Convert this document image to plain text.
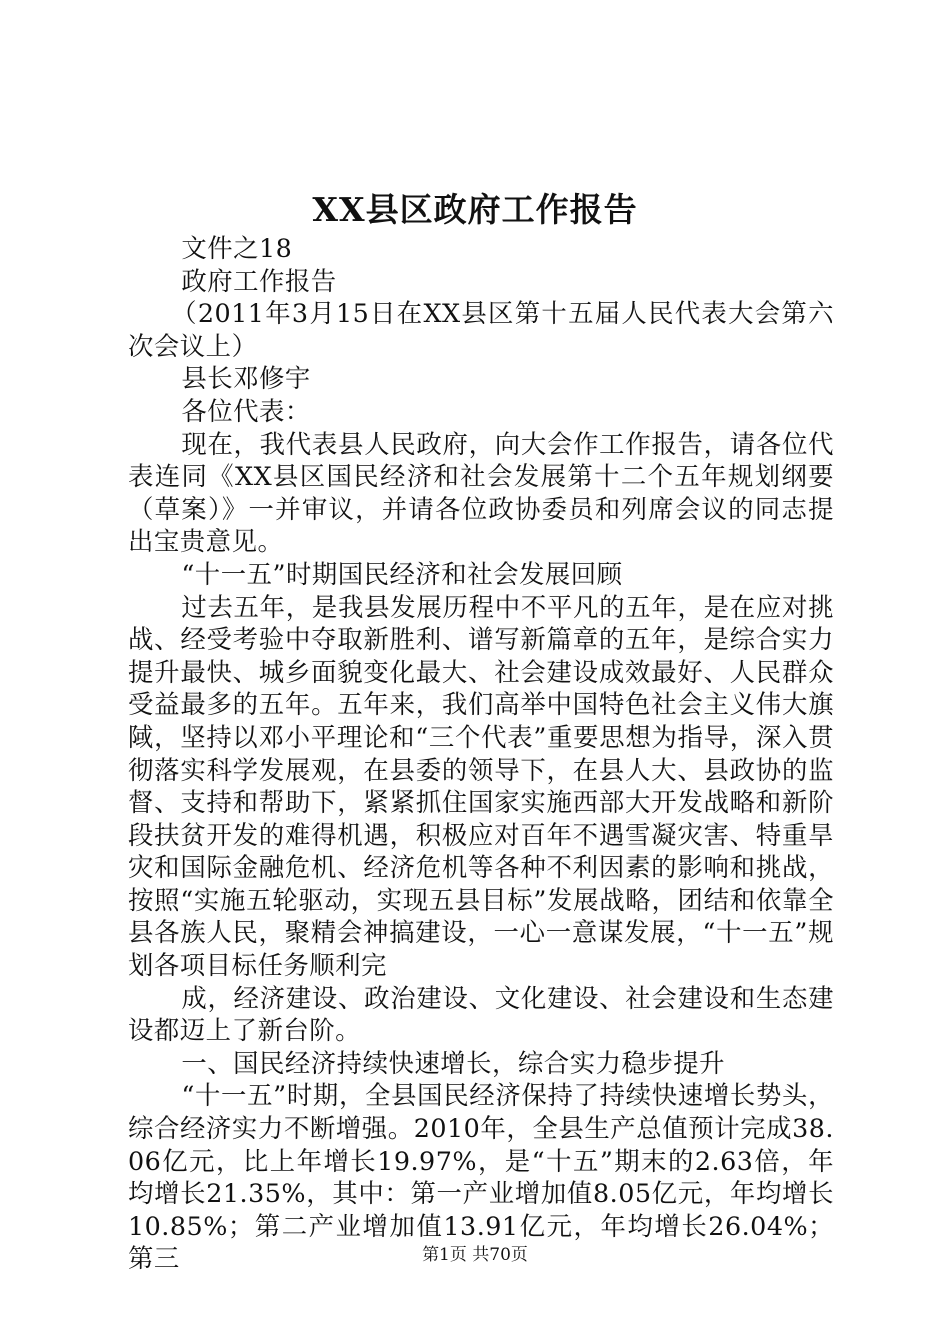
XX县区政府工作报告

文件之18

政府工作报告

（2011年3月15日在XX县区第十五届人民代表大会第六次会议上）

县长邓修宇

各位代表：

现在，我代表县人民政府，向大会作工作报告，请各位代表连同《XX县区国民经济和社会发展第十二个五年规划纲要（草案）》一并审议，并请各位政协委员和列席会议的同志提出宝贵意见。

“十一五”时期国民经济和社会发展回顾

过去五年，是我县发展历程中不平凡的五年，是在应对挑战、经受考验中夺取新胜利、谱写新篇章的五年，是综合实力提升最快、城乡面貌变化最大、社会建设成效最好、人民群众受益最多的五年。五年来，我们高举中国特色社会主义伟大旗䧕，坚持以邓小平理论和“三个代表”重要思想为指导，深入贯彻落实科学发展观，在县委的领导下，在县人大、县政协的监督、支持和帮助下，紧紧抓住国家实施西部大开发战略和新阶段扶贫开发的难得机遇，积极应对百年不遇雪凝灾害、特重旱灾和国际金融危机、经济危机等各种不利因素的影响和挑战，按照“实施五轮驱动，实现五县目标”发展战略，团结和依靠全县各族人民，聚精会神搞建设，一心一意谋发展，“十一五”规划各项目标任务顺利完

成，经济建设、政治建设、文化建设、社会建设和生态建设都迈上了新台阶。

一、国民经济持续快速增长，综合实力稳步提升

“十一五”时期，全县国民经济保持了持续快速增长势头，综合经济实力不断增强。2010年，全县生产总值预计完成38.06亿元，比上年增长19.97%，是“十五”期末的2.63倍，年均增长21.35%，其中：第一产业增加值8.05亿元，年均增长10.85%；第二产业增加值13.91亿元，年均增长26.04%；第三	第1页 共70页
